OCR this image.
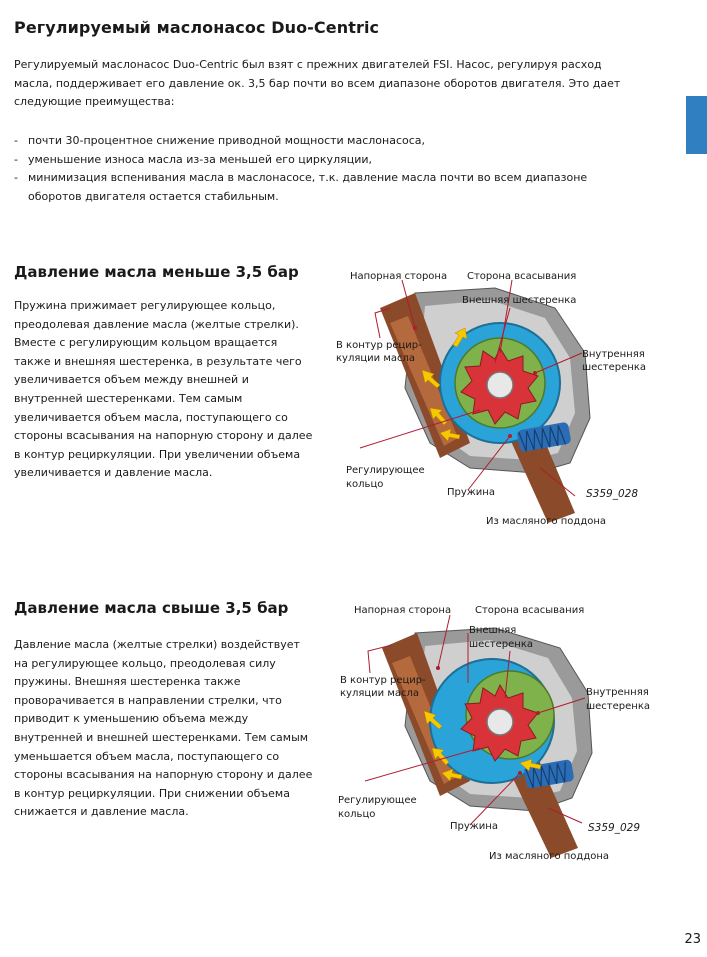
Регулируемый маслонасос Duo-Centric
Регулируемый маслонасос Duo-Centric был взят с прежних двигателей FSI. Насос, регулируя расход масла, поддерживает его давление ок. 3,5 бар почти во всем диапазоне оборотов двигателя. Это дает следующие преимущества:
- почти 30-процентное снижение приводной мощности маслонасоса,
- уменьшение износа масла из-за меньшей его циркуляции,
- минимизация вспенивания масла в маслонасосе, т.к. давление масла почти во всем диапазоне оборотов двигателя остается стабильным.
Давление масла меньше 3,5 бар
Пружина прижимает регулирующее кольцо, преодолевая давление масла (желтые стрелки). Вместе с регулирующим кольцом вращается также и внешняя шестеренка, в результате чего увеличивается объем между внешней и внутренней шестеренками. Тем самым увеличивается объем масла, поступающего со стороны всасывания на напорную сторону и далее в контур рециркуляции. При увеличении объема увеличивается и давление масла.
Напорная сторона Сторона всасывания
Внешняя шестеренка
В контур рецир-
куляции масла	Внутренняя
шестеренка
Регулирующее
кольцо
Пружина	S359_028
Из масляного поддона
Давление масла свыше 3,5 бар
Давление масла (желтые стрелки) воздействует на регулирующее кольцо, преодолевая силу пружины. Внешняя шестеренка также проворачивается в направлении стрелки, что приводит к уменьшению объема между внутренней и внешней шестеренками. Тем самым уменьшается объем масла, поступающего со стороны всасывания на напорную сторону и далее в контур рециркуляции. При снижении объема снижается и давление масла.
Напорная сторона Сторона всасывания
Внешняя
шестеренка
В контур рецир-
куляции масла	Внутренняя
шестеренка
Регулирующее
кольцо
Пружина	S359_029
Из масляного поддона
23
